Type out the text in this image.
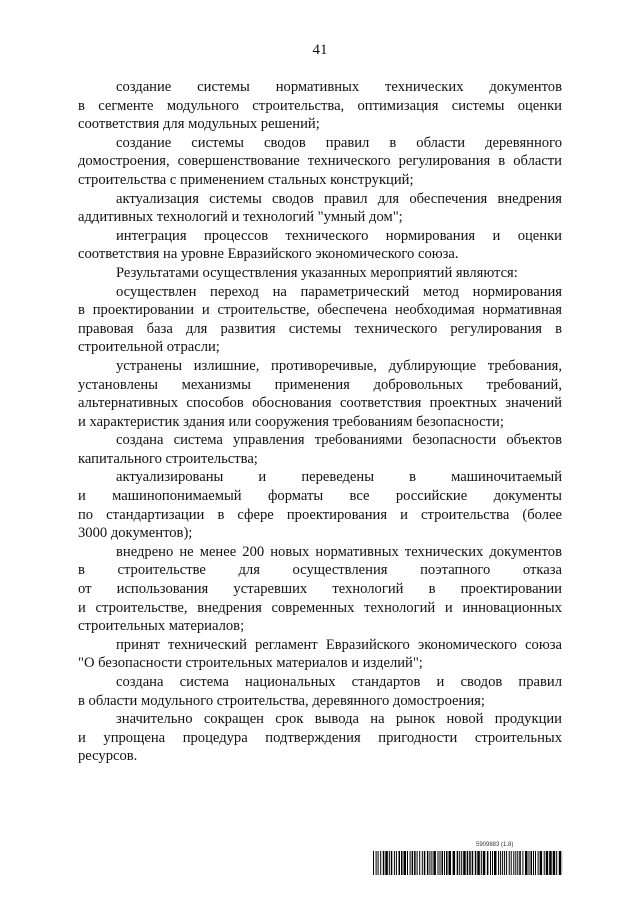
41

создание системы нормативных технических документов
в сегменте модульного строительства, оптимизация системы оценки
соответствия для модульных решений;

создание системы сводов правил в области деревянного
домостроения, совершенствование технического регулирования в области
строительства с применением стальных конструкций;

актуализация системы сводов правил для обеспечения внедрения
аддитивных технологий и технологий "умный дом";

интеграция процессов технического нормирования и оценки
соответствия на уровне Евразийского экономического союза.

Результатами осуществления указанных мероприятий являются:

осуществлен переход на параметрический метод нормирования
в проектировании и строительстве, обеспечена необходимая нормативная
правовая база для развития системы технического регулирования в
строительной отрасли;

устранены излишние, противоречивые, дублирующие требования,
установлены механизмы применения добровольных требований,
альтернативных способов обоснования соответствия проектных значений
и характеристик здания или сооружения требованиям безопасности;

создана система управления требованиями безопасности объектов
капитального строительства;

актуализированы и переведены в машиночитаемый
и машинопонимаемый форматы все российские документы
по стандартизации в сфере проектирования и строительства (более
3000 документов);

внедрено не менее 200 новых нормативных технических документов
в строительстве для осуществления поэтапного отказа
от использования устаревших технологий в проектировании
и строительстве, внедрения современных технологий и инновационных
строительных материалов;

принят технический регламент Евразийского экономического союза
"О безопасности строительных материалов и изделий";

создана система национальных стандартов и сводов правил
в области модульного строительства, деревянного домостроения;

значительно сокращен срок вывода на рынок новой продукции
и упрощена процедура подтверждения пригодности строительных
ресурсов.

5909883 (1.8)
